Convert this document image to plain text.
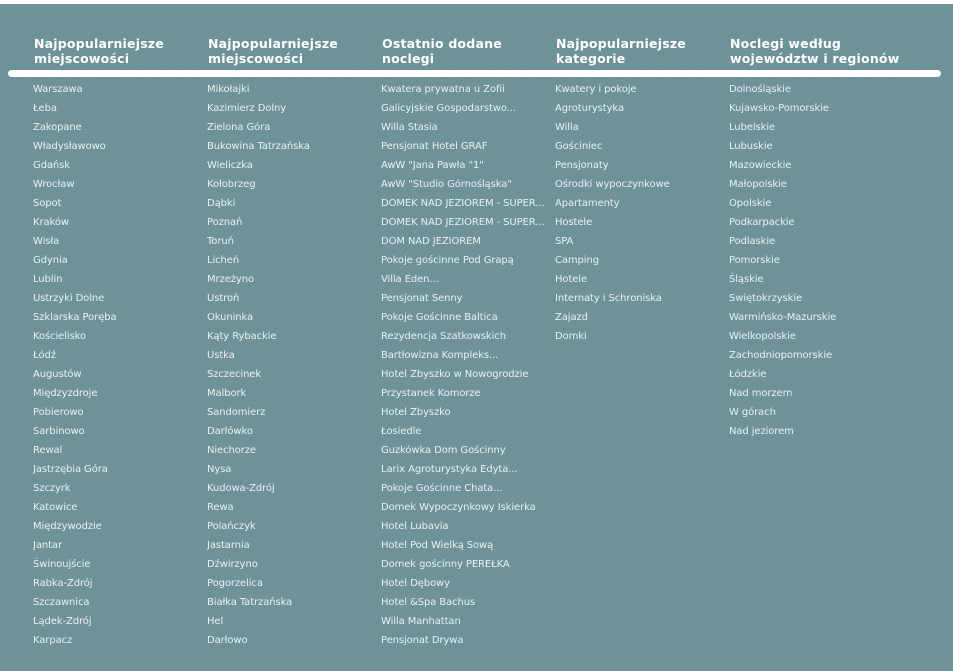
Najpopularniejsze
miejscowości
Najpopularniejsze
miejscowości
Ostatnio dodane
noclegi
Najpopularniejsze
kategorie
Noclegi według
województw i regionów
Warszawa
Łeba
Zakopane
Władysławowo
Gdańsk
Wrocław
Sopot
Kraków
Wisła
Gdynia
Lublin
Ustrzyki Dolne
Szklarska Poręba
Kościelisko
Łódź
Augustów
Międzyzdroje
Pobierowo
Sarbinowo
Rewal
Jastrzębia Góra
Szczyrk
Katowice
Międzywodzie
Jantar
Świnoujście
Rabka-Zdrój
Szczawnica
Lądek-Zdrój
Karpacz
Mikołajki
Kazimierz Dolny
Zielona Góra
Bukowina Tatrzańska
Wieliczka
Kołobrzeg
Dąbki
Poznań
Toruń
Licheń
Mrzeżyno
Ustroń
Okuninka
Kąty Rybackie
Ustka
Szczecinek
Malbork
Sandomierz
Darłówko
Niechorze
Nysa
Kudowa-Zdrój
Rewa
Polańczyk
Jastarnia
Dźwirzyno
Pogorzelica
Białka Tatrzańska
Hel
Darłowo
Kwatera prywatna u Zofii
Galicyjskie Gospodarstwo...
Willa Stasia
Pensjonat Hotel GRAF
AwW "Jana Pawła "1"
AwW "Studio Górnośląska"
DOMEK NAD JEZIOREM - SUPER...
DOMEK NAD JEZIOREM - SUPER...
DOM NAD JEZIOREM
Pokoje gościnne Pod Grapą
Villa Eden...
Pensjonat Senny
Pokoje Gościnne Baltica
Rezydencja Szatkowskich
Bartłowizna Kompleks...
Hotel Zbyszko w Nowogrodzie
Przystanek Komorze
Hotel Zbyszko
Łosiedle
Guzkówka Dom Gościnny
Larix Agroturystyka Edyta...
Pokoje Gościnne Chata...
Domek Wypoczynkowy Iskierka
Hotel Lubavia
Hotel Pod Wielką Sową
Domek gościnny PEREŁKA
Hotel Dębowy
Hotel &Spa Bachus
Willa Manhattan
Pensjonat Drywa
Kwatery i pokoje
Agroturystyka
Willa
Gościniec
Pensjonaty
Ośrodki wypoczynkowe
Apartamenty
Hostele
SPA
Camping
Hotele
Internaty i Schroniska
Zajazd
Domki
Dolnośląskie
Kujawsko-Pomorskie
Lubelskie
Lubuskie
Mazowieckie
Małopolskie
Opolskie
Podkarpackie
Podlaskie
Pomorskie
Śląskie
Swiętokrzyskie
Warmińsko-Mazurskie
Wielkopolskie
Zachodniopomorskie
Łódzkie
Nad morzem
W górach
Nad jeziorem
